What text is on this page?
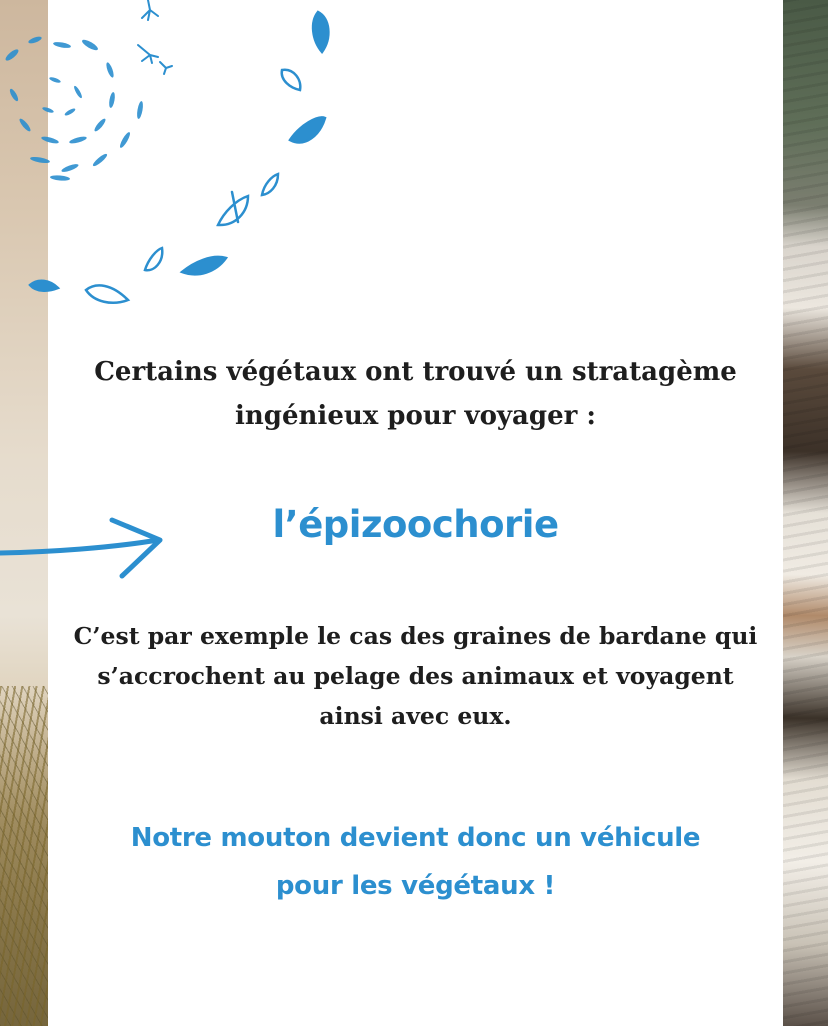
Certains végétaux ont trouvé un stratagème
ingénieux pour voyager :

l’épizoochorie

C’est par exemple le cas des graines de bardane qui
s’accrochent au pelage des animaux et voyagent
ainsi avec eux.

Notre mouton devient donc un véhicule
pour les végétaux !
